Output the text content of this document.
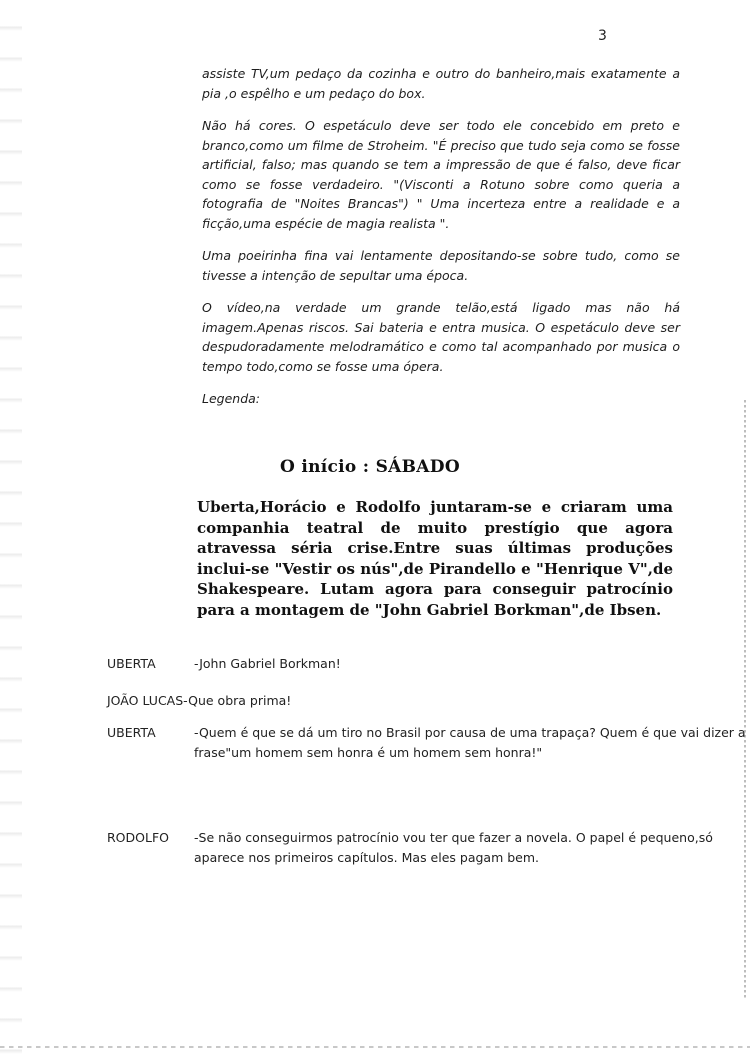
3

assiste TV,um pedaço da cozinha e outro do banheiro,mais exatamente a pia ,o espêlho e um pedaço do box.

Não há cores. O espetáculo deve ser todo ele concebido em preto e branco,como um filme de Stroheim. "É preciso que tudo seja como se fosse artificial, falso; mas quando se tem a impressão de que é falso, deve ficar como se fosse verdadeiro. "(Visconti a Rotuno sobre como queria a fotografia de "Noites Brancas") " Uma incerteza entre a realidade e a ficção,uma espécie de magia realista ".

Uma poeirinha fina vai lentamente depositando-se sobre tudo, como se tivesse a intenção de sepultar uma época.

O vídeo,na verdade um grande telão,está ligado mas não há imagem.Apenas riscos. Sai bateria e entra musica. O espetáculo deve ser despudoradamente melodramático e como tal acompanhado por musica o tempo todo,como se fosse uma ópera.

Legenda:

O início : SÁBADO

Uberta,Horácio e Rodolfo juntaram-se e criaram uma companhia teatral de muito prestígio que agora atravessa séria crise.Entre suas últimas produções inclui-se "Vestir os nús",de Pirandello e "Henrique V",de Shakespeare. Lutam agora para conseguir patrocínio para a montagem de "John Gabriel Borkman",de Ibsen.

UBERTA	-John Gabriel Borkman!
JOÃO LUCAS-Que obra prima!
UBERTA	-Quem é que se dá um tiro no Brasil por causa de uma trapaça? Quem é que vai dizer a frase"um homem sem honra é um homem sem honra!"
RODOLFO -Se não conseguirmos patrocínio vou ter que fazer a novela. O papel é pequeno,só aparece nos primeiros capítulos. Mas eles pagam bem.
